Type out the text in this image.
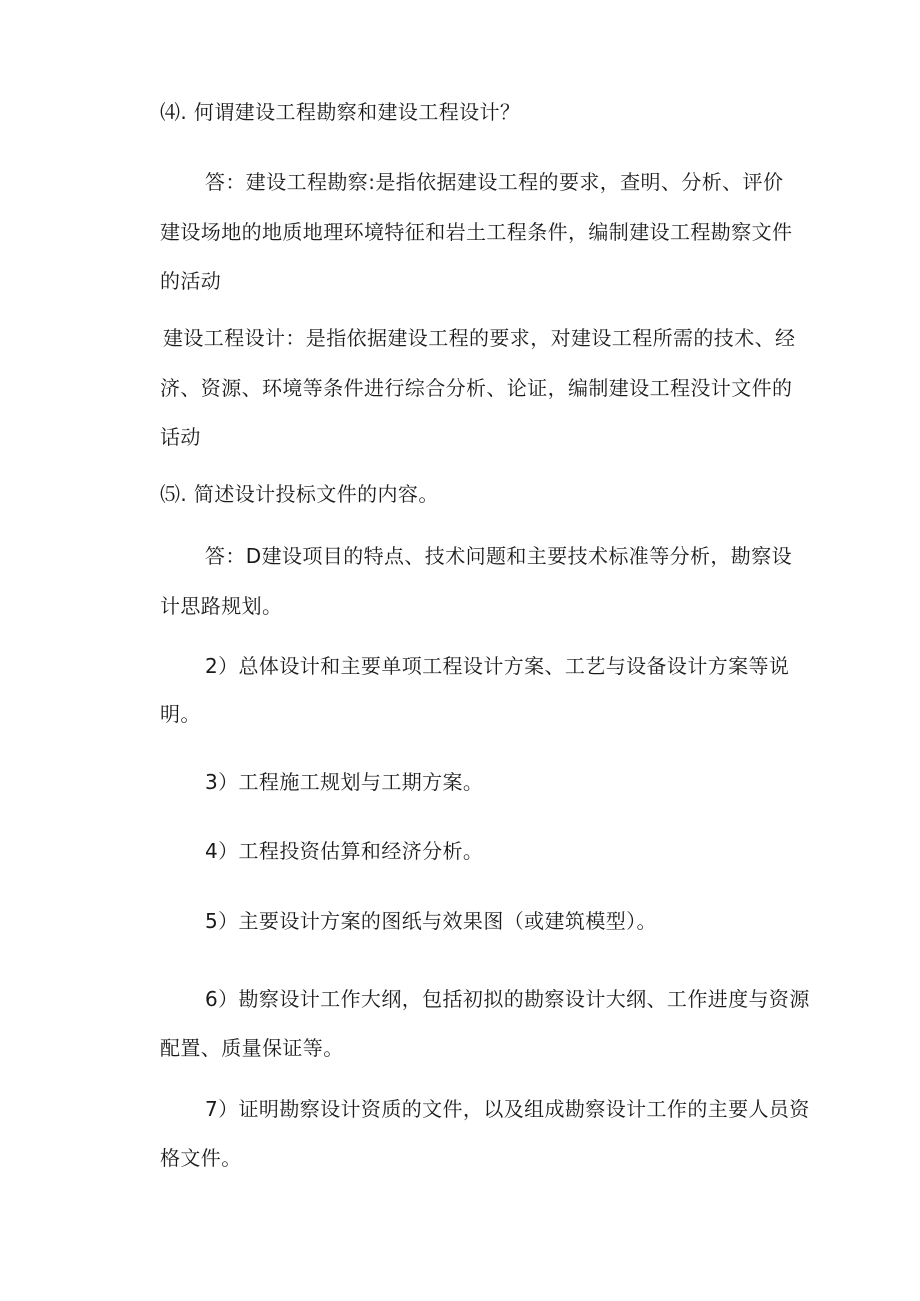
⑷. 何谓建设工程勘察和建设工程设计？
答：建设工程勘察:是指依据建设工程的要求，查明、分析、评价
建设场地的地质地理环境特征和岩土工程条件，编制建设工程勘察文件
的活动
建设工程设计：是指依据建设工程的要求，对建设工程所需的技术、经
济、资源、环境等条件进行综合分析、论证，编制建设工程没计文件的
话动
⑸. 简述设计投标文件的内容。
答：D建设项目的特点、技术问题和主要技术标准等分析，勘察设
计思路规划。
2）总体设计和主要单项工程设计方案、工艺与设备设计方案等说
明。
3）工程施工规划与工期方案。
4）工程投资估算和经济分析。
5）主要设计方案的图纸与效果图（或建筑模型）。
6）勘察设计工作大纲，包括初拟的勘察设计大纲、工作进度与资源
配置、质量保证等。
7）证明勘察设计资质的文件，以及组成勘察设计工作的主要人员资
格文件。
